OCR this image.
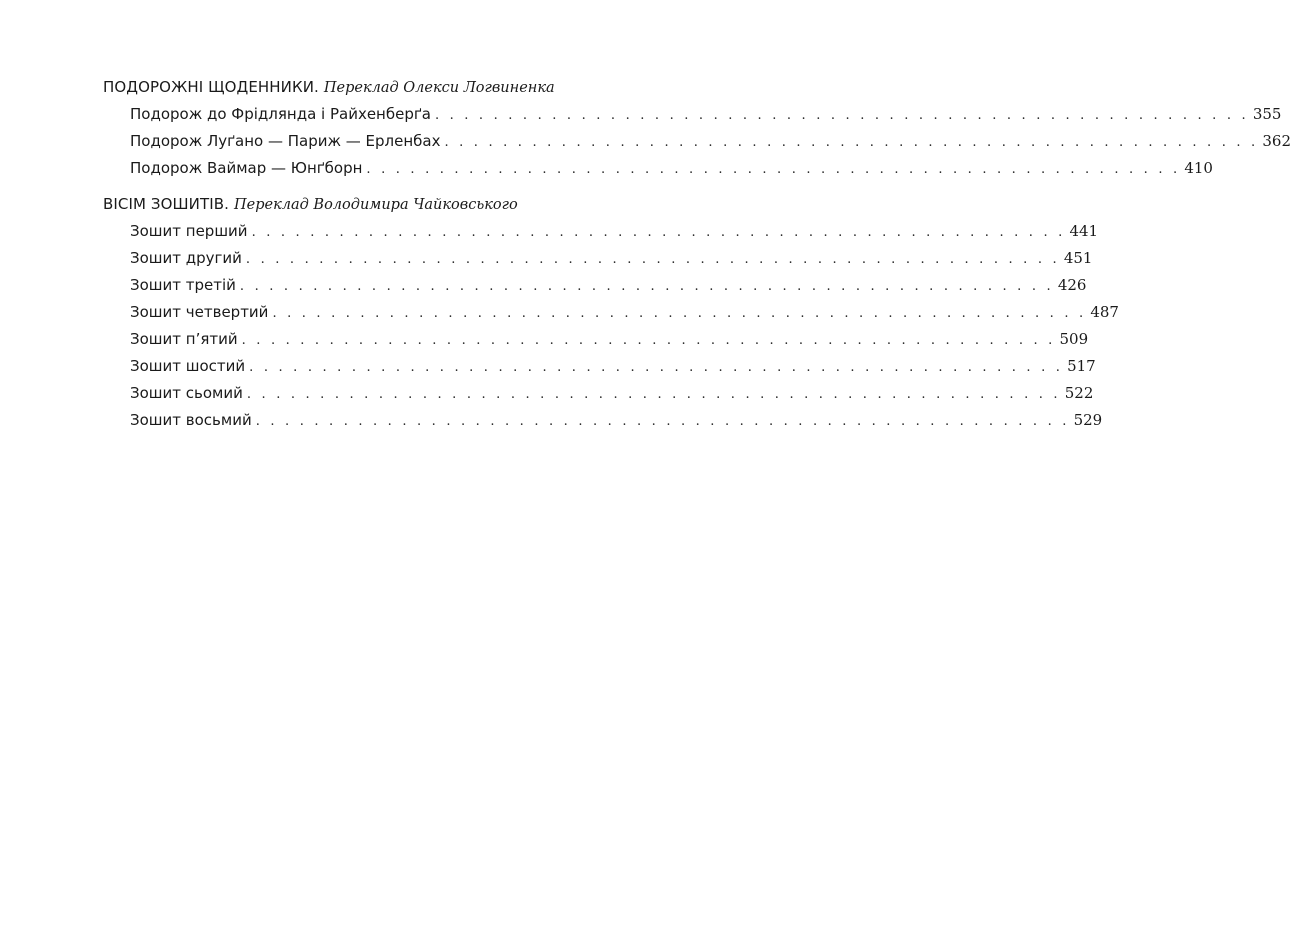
ПОДОРОЖНІ ЩОДЕННИКИ. Переклад Олекси Логвиненка
Подорож до Фрідлянда і Райхенберґа . . . . . . . . . . . . . . . . . . . . . . . . . . . . . . . . . . . . . . . . . . . . . . . . . . . . . . . . 355
Подорож Луґано — Париж — Ерленбах . . . . . . . . . . . . . . . . . . . . . . . . . . . . . . . . . . . . . . . . . . . . . . . . . . . . . . . . 362
Подорож Ваймар — Юнґборн . . . . . . . . . . . . . . . . . . . . . . . . . . . . . . . . . . . . . . . . . . . . . . . . . . . . . . . . 410
ВІСІМ ЗОШИТІВ. Переклад Володимира Чайковського
Зошит перший . . . . . . . . . . . . . . . . . . . . . . . . . . . . . . . . . . . . . . . . . . . . . . . . . . . . . . . . 441
Зошит другий . . . . . . . . . . . . . . . . . . . . . . . . . . . . . . . . . . . . . . . . . . . . . . . . . . . . . . . . 451
Зошит третій . . . . . . . . . . . . . . . . . . . . . . . . . . . . . . . . . . . . . . . . . . . . . . . . . . . . . . . . 426
Зошит четвертий . . . . . . . . . . . . . . . . . . . . . . . . . . . . . . . . . . . . . . . . . . . . . . . . . . . . . . . . 487
Зошит п’ятий . . . . . . . . . . . . . . . . . . . . . . . . . . . . . . . . . . . . . . . . . . . . . . . . . . . . . . . . 509
Зошит шостий . . . . . . . . . . . . . . . . . . . . . . . . . . . . . . . . . . . . . . . . . . . . . . . . . . . . . . . . 517
Зошит сьомий . . . . . . . . . . . . . . . . . . . . . . . . . . . . . . . . . . . . . . . . . . . . . . . . . . . . . . . . 522
Зошит восьмий . . . . . . . . . . . . . . . . . . . . . . . . . . . . . . . . . . . . . . . . . . . . . . . . . . . . . . . . 529
